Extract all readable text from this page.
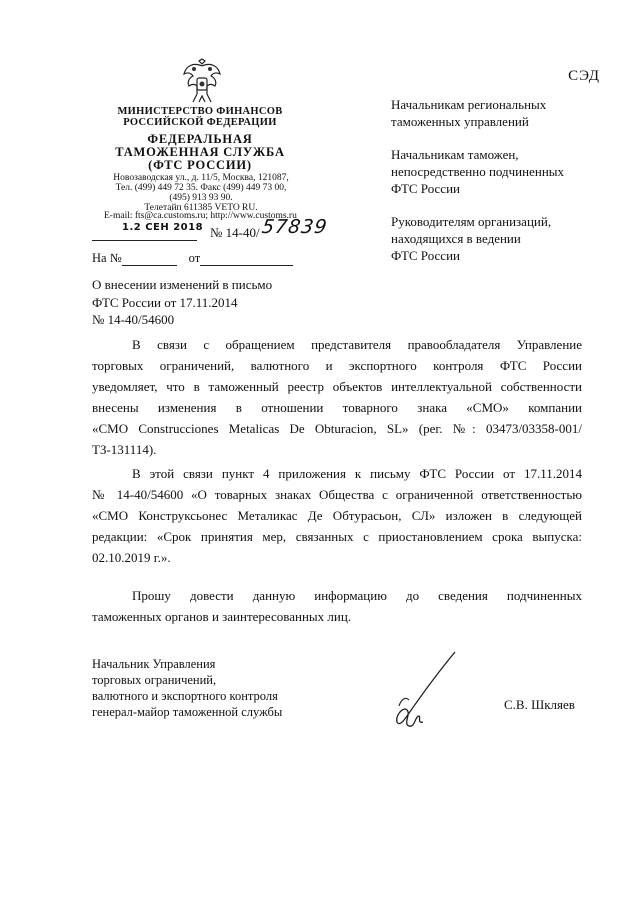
СЭД
МИНИСТЕРСТВО ФИНАНСОВ
РОССИЙСКОЙ ФЕДЕРАЦИИ
ФЕДЕРАЛЬНАЯ
ТАМОЖЕННАЯ СЛУЖБА
(ФТС РОССИИ)
Новозаводская ул., д. 11/5, Москва, 121087,
Тел. (499) 449 72 35. Факс (499) 449 73 00,
(495) 913 93 90.
Телетайп 611385 VETO RU.
E-mail: fts@ca.customs.ru; http://www.customs.ru
1.2 СЕН 2018 № 14-40/ 57839
На №	от
Начальникам региональных
таможенных управлений
Начальникам таможен,
непосредственно подчиненных
ФТС России
Руководителям организаций,
находящихся в ведении
ФТС России
О внесении изменений в письмо
ФТС России от 17.11.2014
№ 14-40/54600
В связи с обращением представителя правообладателя Управление
торговых ограничений, валютного и экспортного контроля ФТС России
уведомляет, что в таможенный реестр объектов интеллектуальной собственности
внесены изменения в отношении товарного знака «СМО» компании
«CMO Construcciones Metalicas De Obturacion, SL» (рег. №: 03473/03358-001/
ТЗ-131114).
В этой связи пункт 4 приложения к письму ФТС России от 17.11.2014
№ 14-40/54600 «О товарных знаках Общества с ограниченной ответственностью
«СМО Конструксьонес Металикас Де Обтурасьон, СЛ» изложен в следующей
редакции: «Срок принятия мер, связанных с приостановлением срока выпуска:
02.10.2019 г.».
Прошу довести данную информацию до сведения подчиненных
таможенных органов и заинтересованных лиц.
Начальник Управления
торговых ограничений,
валютного и экспортного контроля
генерал-майор таможенной службы	С.В. Шкляев
